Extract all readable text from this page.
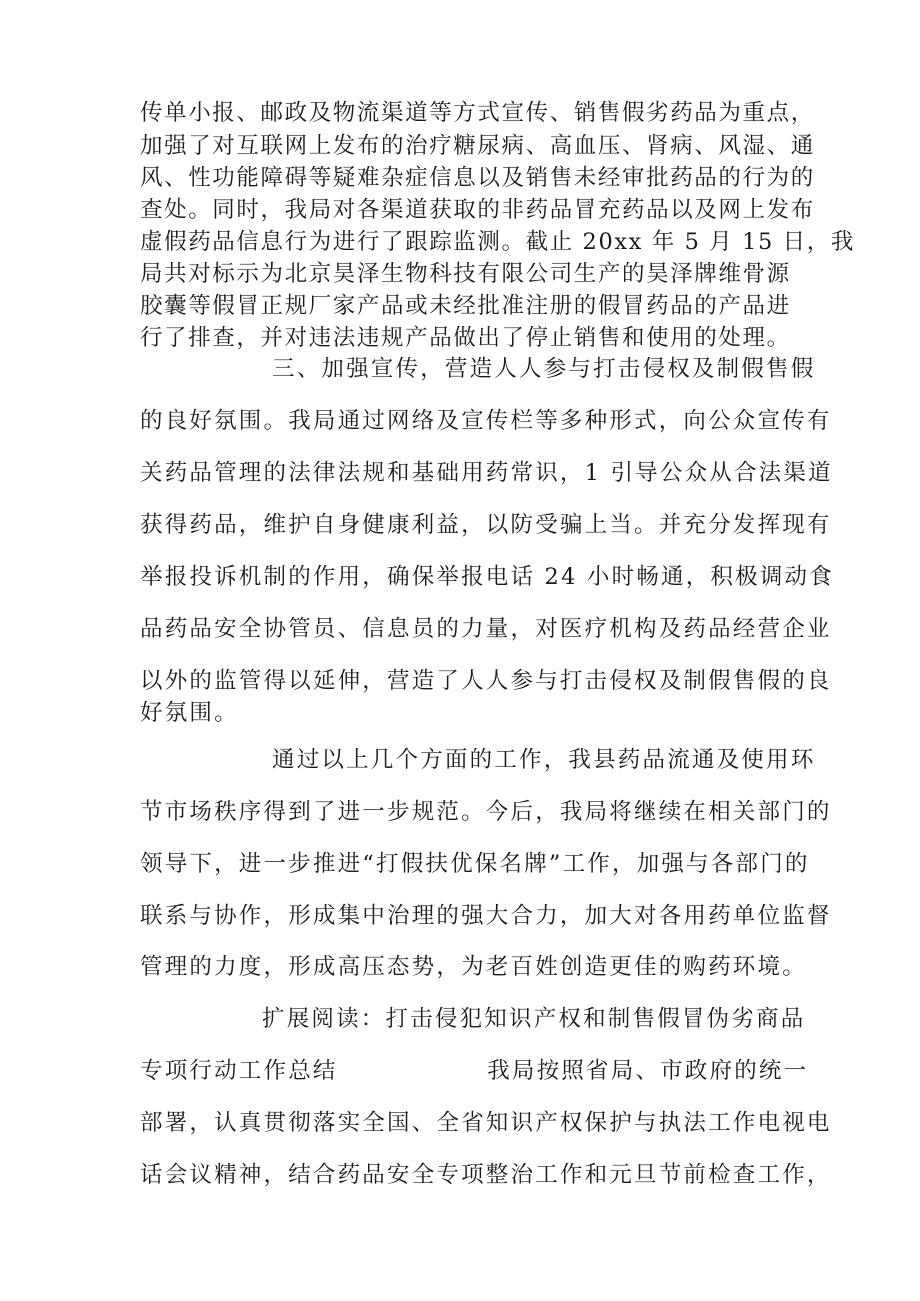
传单小报、邮政及物流渠道等方式宣传、销售假劣药品为重点，
加强了对互联网上发布的治疗糖尿病、高血压、肾病、风湿、通
风、性功能障碍等疑难杂症信息以及销售未经审批药品的行为的
查处。同时，我局对各渠道获取的非药品冒充药品以及网上发布
虚假药品信息行为进行了跟踪监测。截止 20xx 年 5 月 15 日，我
局共对标示为北京昊泽生物科技有限公司生产的昊泽牌维骨源
胶囊等假冒正规厂家产品或未经批准注册的假冒药品的产品进
行了排查，并对违法违规产品做出了停止销售和使用的处理。
三、加强宣传，营造人人参与打击侵权及制假售假
的良好氛围。我局通过网络及宣传栏等多种形式，向公众宣传有
关药品管理的法律法规和基础用药常识，1 引导公众从合法渠道
获得药品，维护自身健康利益，以防受骗上当。并充分发挥现有
举报投诉机制的作用，确保举报电话 24 小时畅通，积极调动食
品药品安全协管员、信息员的力量，对医疗机构及药品经营企业
以外的监管得以延伸，营造了人人参与打击侵权及制假售假的良
好氛围。
通过以上几个方面的工作，我县药品流通及使用环
节市场秩序得到了进一步规范。今后，我局将继续在相关部门的
领导下，进一步推进“打假扶优保名牌”工作，加强与各部门的
联系与协作，形成集中治理的强大合力，加大对各用药单位监督
管理的力度，形成高压态势，为老百姓创造更佳的购药环境。
扩展阅读：打击侵犯知识产权和制售假冒伪劣商品
专项行动工作总结                我局按照省局、市政府的统一
部署，认真贯彻落实全国、全省知识产权保护与执法工作电视电
话会议精神，结合药品安全专项整治工作和元旦节前检查工作，
